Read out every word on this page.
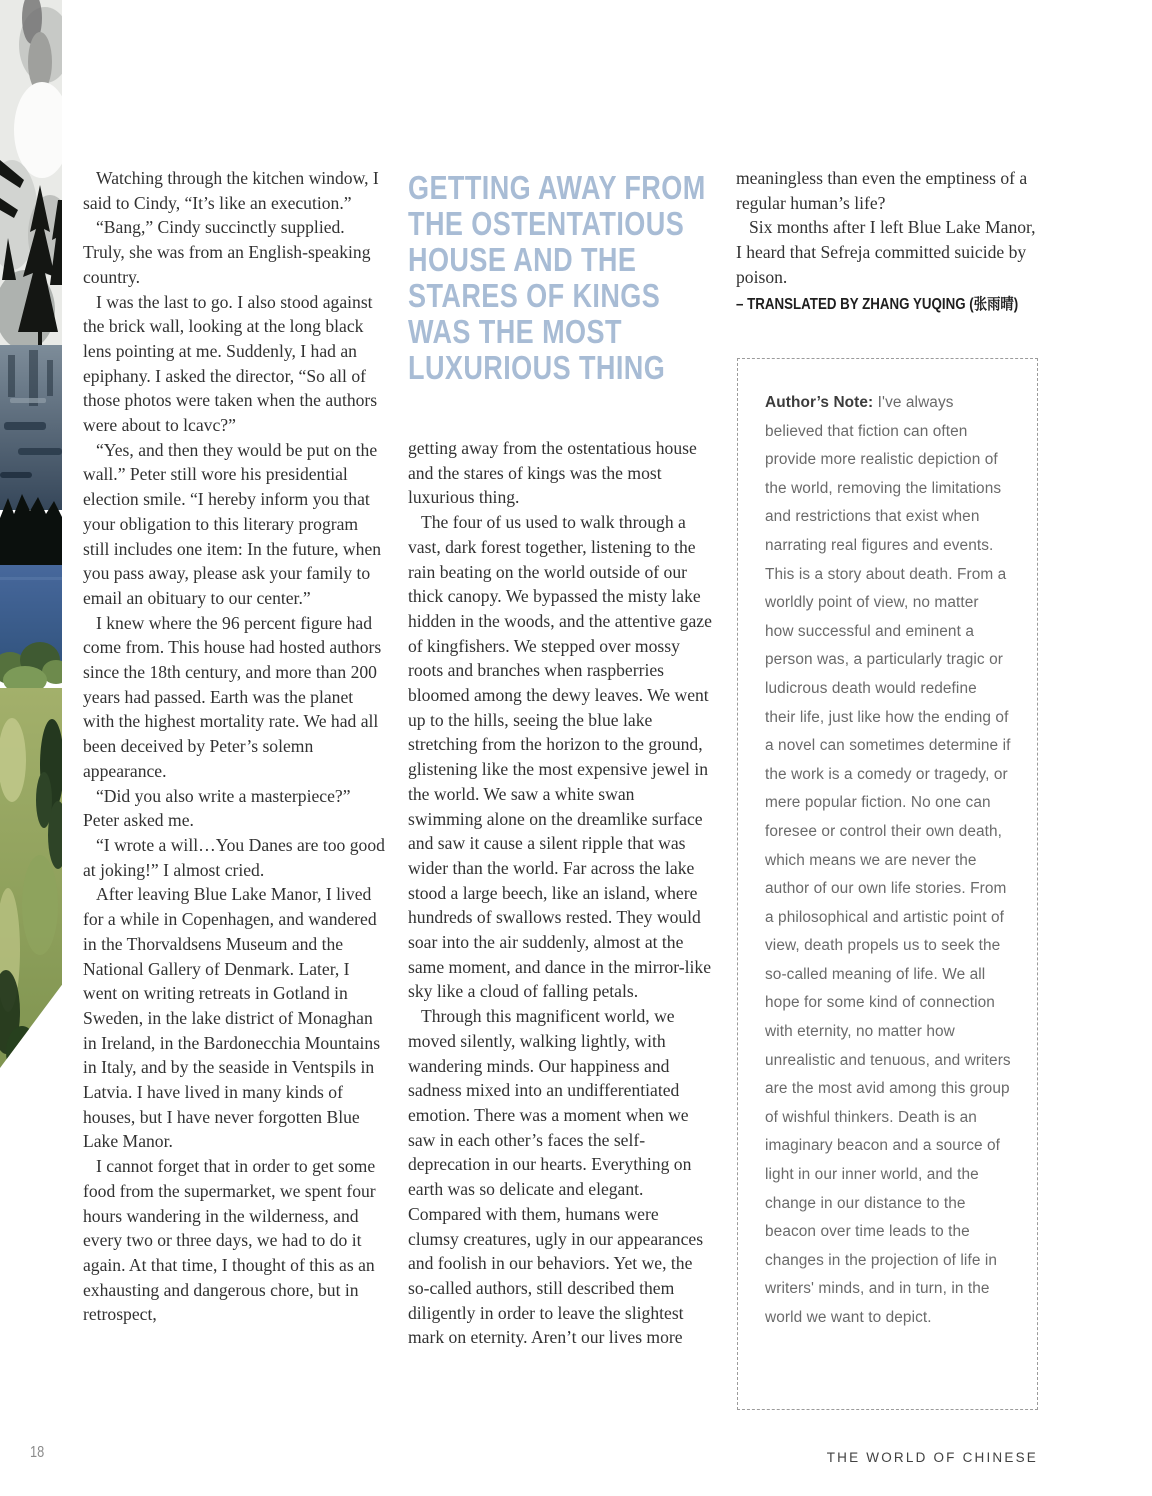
Watching through the kitchen window, I said to Cindy, “It’s like an execution.”

“Bang,” Cindy succinctly supplied. Truly, she was from an English-speaking country.

I was the last to go. I also stood against the brick wall, looking at the long black lens pointing at me. Suddenly, I had an epiphany. I asked the director, “So all of those photos were taken when the authors were about to lcavc?”

“Yes, and then they would be put on the wall.” Peter still wore his presidential election smile. “I hereby inform you that your obligation to this literary program still includes one item: In the future, when you pass away, please ask your family to email an obituary to our center.”

I knew where the 96 percent figure had come from. This house had hosted authors since the 18th century, and more than 200 years had passed. Earth was the planet with the highest mortality rate. We had all been deceived by Peter’s solemn appearance.

“Did you also write a masterpiece?” Peter asked me.

“I wrote a will…You Danes are too good at joking!” I almost cried.

After leaving Blue Lake Manor, I lived for a while in Copenhagen, and wandered in the Thorvaldsens Museum and the National Gallery of Denmark. Later, I went on writing retreats in Gotland in Sweden, in the lake district of Monaghan in Ireland, in the Bardonecchia Mountains in Italy, and by the seaside in Ventspils in Latvia. I have lived in many kinds of houses, but I have never forgotten Blue Lake Manor.

I cannot forget that in order to get some food from the supermarket, we spent four hours wandering in the wilderness, and every two or three days, we had to do it again. At that time, I thought of this as an exhausting and dangerous chore, but in retrospect,

GETTING AWAY FROM
THE OSTENTATIOUS
HOUSE AND THE
STARES OF KINGS
WAS THE MOST
LUXURIOUS THING

getting away from the ostentatious house and the stares of kings was the most luxurious thing.

The four of us used to walk through a vast, dark forest together, listening to the rain beating on the world outside of our thick canopy. We bypassed the misty lake hidden in the woods, and the attentive gaze of kingfishers. We stepped over mossy roots and branches when raspberries bloomed among the dewy leaves. We went up to the hills, seeing the blue lake stretching from the horizon to the ground, glistening like the most expensive jewel in the world. We saw a white swan swimming alone on the dreamlike surface and saw it cause a silent ripple that was wider than the world. Far across the lake stood a large beech, like an island, where hundreds of swallows rested. They would soar into the air suddenly, almost at the same moment, and dance in the mirror-like sky like a cloud of falling petals.

Through this magnificent world, we moved silently, walking lightly, with wandering minds. Our happiness and sadness mixed into an undifferentiated emotion. There was a moment when we saw in each other’s faces the self-deprecation in our hearts. Everything on earth was so delicate and elegant. Compared with them, humans were clumsy creatures, ugly in our appearances and foolish in our behaviors. Yet we, the so-called authors, still described them diligently in order to leave the slightest mark on eternity. Aren’t our lives more

meaningless than even the emptiness of a regular human’s life?

Six months after I left Blue Lake Manor, I heard that Sefreja committed suicide by poison.

– TRANSLATED BY ZHANG YUQING (张雨晴)
Author’s Note: I've always believed that fiction can often provide more realistic depiction of the world, removing the limitations and restrictions that exist when narrating real figures and events. This is a story about death. From a worldly point of view, no matter how successful and eminent a person was, a particularly tragic or ludicrous death would redefine their life, just like how the ending of a novel can sometimes determine if the work is a comedy or tragedy, or mere popular fiction. No one can foresee or control their own death, which means we are never the author of our own life stories. From a philosophical and artistic point of view, death propels us to seek the so-called meaning of life. We all hope for some kind of connection with eternity, no matter how unrealistic and tenuous, and writers are the most avid among this group of wishful thinkers. Death is an imaginary beacon and a source of light in our inner world, and the change in our distance to the beacon over time leads to the changes in the projection of life in writers' minds, and in turn, in the world we want to depict.
18	THE WORLD OF CHINESE
